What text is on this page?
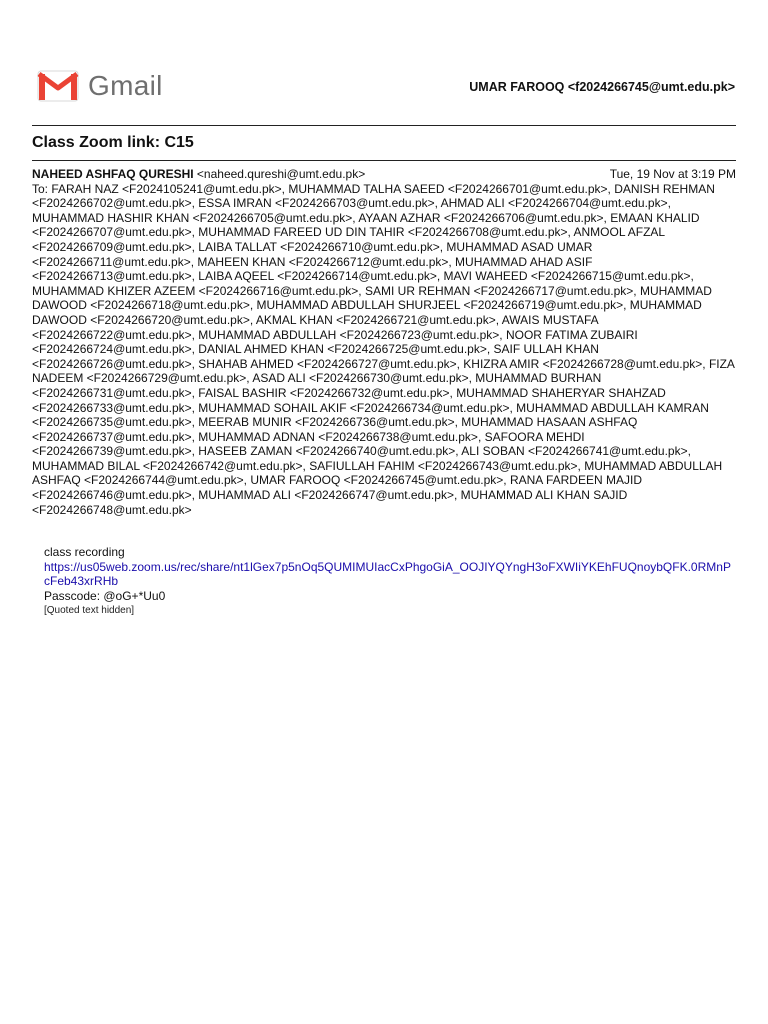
Gmail	UMAR FAROOQ <f2024266745@umt.edu.pk>
Class Zoom link: C15
NAHEED ASHFAQ QURESHI <naheed.qureshi@umt.edu.pk>	Tue, 19 Nov at 3:19 PM
To: FARAH NAZ <F2024105241@umt.edu.pk>, MUHAMMAD TALHA SAEED <F2024266701@umt.edu.pk>, DANISH REHMAN <F2024266702@umt.edu.pk>, ESSA IMRAN <F2024266703@umt.edu.pk>, AHMAD ALI <F2024266704@umt.edu.pk>, MUHAMMAD HASHIR KHAN <F2024266705@umt.edu.pk>, AYAAN AZHAR <F2024266706@umt.edu.pk>, EMAAN KHALID <F2024266707@umt.edu.pk>, MUHAMMAD FAREED UD DIN TAHIR <F2024266708@umt.edu.pk>, ANMOOL AFZAL <F2024266709@umt.edu.pk>, LAIBA TALLAT <F2024266710@umt.edu.pk>, MUHAMMAD ASAD UMAR <F2024266711@umt.edu.pk>, MAHEEN KHAN <F2024266712@umt.edu.pk>, MUHAMMAD AHAD ASIF <F2024266713@umt.edu.pk>, LAIBA AQEEL <F2024266714@umt.edu.pk>, MAVI WAHEED <F2024266715@umt.edu.pk>, MUHAMMAD KHIZER AZEEM <F2024266716@umt.edu.pk>, SAMI UR REHMAN <F2024266717@umt.edu.pk>, MUHAMMAD DAWOOD <F2024266718@umt.edu.pk>, MUHAMMAD ABDULLAH SHURJEEL <F2024266719@umt.edu.pk>, MUHAMMAD DAWOOD <F2024266720@umt.edu.pk>, AKMAL KHAN <F2024266721@umt.edu.pk>, AWAIS MUSTAFA <F2024266722@umt.edu.pk>, MUHAMMAD ABDULLAH <F2024266723@umt.edu.pk>, NOOR FATIMA ZUBAIRI <F2024266724@umt.edu.pk>, DANIAL AHMED KHAN <F2024266725@umt.edu.pk>, SAIF ULLAH KHAN <F2024266726@umt.edu.pk>, SHAHAB AHMED <F2024266727@umt.edu.pk>, KHIZRA AMIR <F2024266728@umt.edu.pk>, FIZA NADEEM <F2024266729@umt.edu.pk>, ASAD ALI <F2024266730@umt.edu.pk>, MUHAMMAD BURHAN <F2024266731@umt.edu.pk>, FAISAL BASHIR <F2024266732@umt.edu.pk>, MUHAMMAD SHAHERYAR SHAHZAD <F2024266733@umt.edu.pk>, MUHAMMAD SOHAIL AKIF <F2024266734@umt.edu.pk>, MUHAMMAD ABDULLAH KAMRAN <F2024266735@umt.edu.pk>, MEERAB MUNIR <F2024266736@umt.edu.pk>, MUHAMMAD HASAAN ASHFAQ <F2024266737@umt.edu.pk>, MUHAMMAD ADNAN <F2024266738@umt.edu.pk>, SAFOORA MEHDI <F2024266739@umt.edu.pk>, HASEEB ZAMAN <F2024266740@umt.edu.pk>, ALI SOBAN <F2024266741@umt.edu.pk>, MUHAMMAD BILAL <F2024266742@umt.edu.pk>, SAFIULLAH FAHIM <F2024266743@umt.edu.pk>, MUHAMMAD ABDULLAH ASHFAQ <F2024266744@umt.edu.pk>, UMAR FAROOQ <F2024266745@umt.edu.pk>, RANA FARDEEN MAJID <F2024266746@umt.edu.pk>, MUHAMMAD ALI <F2024266747@umt.edu.pk>, MUHAMMAD ALI KHAN SAJID <F2024266748@umt.edu.pk>
class recording
https://us05web.zoom.us/rec/share/nt1lGex7p5nOq5QUMIMUIacCxPhgoGiA_OOJIYQYngH3oFXWIiYKEhFUQnoybQFK.0RMnPcFeb43xrRHb
Passcode: @oG+*Uu0
[Quoted text hidden]
